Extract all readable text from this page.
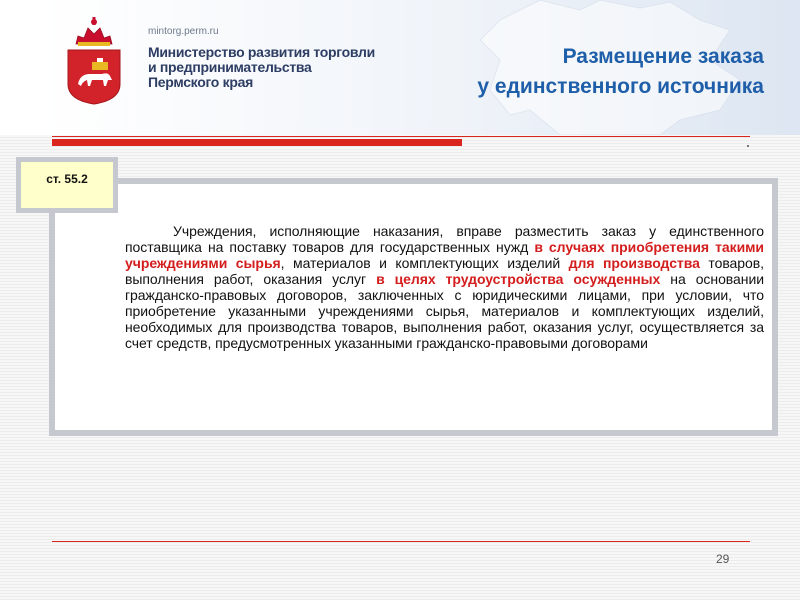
mintorg.perm.ru
Министерство развития торговли
и предпринимательства
Пермского края
Размещение заказа
у единственного источника

Учреждения, исполняющие наказания, вправе разместить заказ у единственного поставщика на поставку товаров для государственных нужд в случаях приобретения такими учреждениями сырья, материалов и комплектующих изделий для производства товаров, выполнения работ, оказания услуг в целях трудоустройства осужденных на основании гражданско-правовых договоров, заключенных с юридическими лицами, при условии, что приобретение указанными учреждениями сырья, материалов и комплектующих изделий, необходимых для производства товаров, выполнения работ, оказания услуг, осуществляется за счет средств, предусмотренных указанными гражданско-правовыми договорами

ст. 55.2
29
